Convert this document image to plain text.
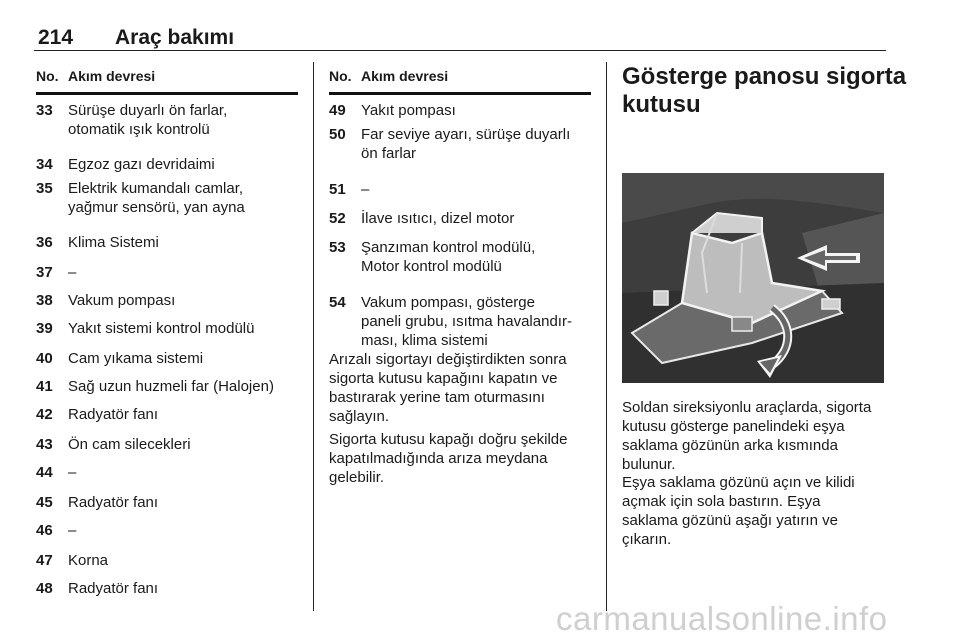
214 Araç bakımı
No. Akım devresi
33 Sürüşe duyarlı ön farlar,
otomatik ışık kontrolü
34 Egzoz gazı devridaimi
35 Elektrik kumandalı camlar,
yağmur sensörü, yan ayna
36 Klima Sistemi
37 –
38 Vakum pompası
39 Yakıt sistemi kontrol modülü
40 Cam yıkama sistemi
41 Sağ uzun huzmeli far (Halojen)
42 Radyatör fanı
43 Ön cam silecekleri
44 –
45 Radyatör fanı
46 –
47 Korna
48 Radyatör fanı
No. Akım devresi
49 Yakıt pompası
50 Far seviye ayarı, sürüşe duyarlı
ön farlar
51 –
52 İlave ısıtıcı, dizel motor
53 Şanzıman kontrol modülü,
Motor kontrol modülü
54 Vakum pompası, gösterge
paneli grubu, ısıtma havalandır-
ması, klima sistemi
Arızalı sigortayı değiştirdikten sonra
sigorta kutusu kapağını kapatın ve
bastırarak yerine tam oturmasını
sağlayın.
Sigorta kutusu kapağı doğru şekilde
kapatılmadığında arıza meydana
gelebilir.
Gösterge panosu sigorta
kutusu
Soldan sireksiyonlu araçlarda, sigorta
kutusu gösterge panelindeki eşya
saklama gözünün arka kısmında
bulunur.
Eşya saklama gözünü açın ve kilidi
açmak için sola bastırın. Eşya
saklama gözünü aşağı yatırın ve
çıkarın.
carmanualsonline.info
